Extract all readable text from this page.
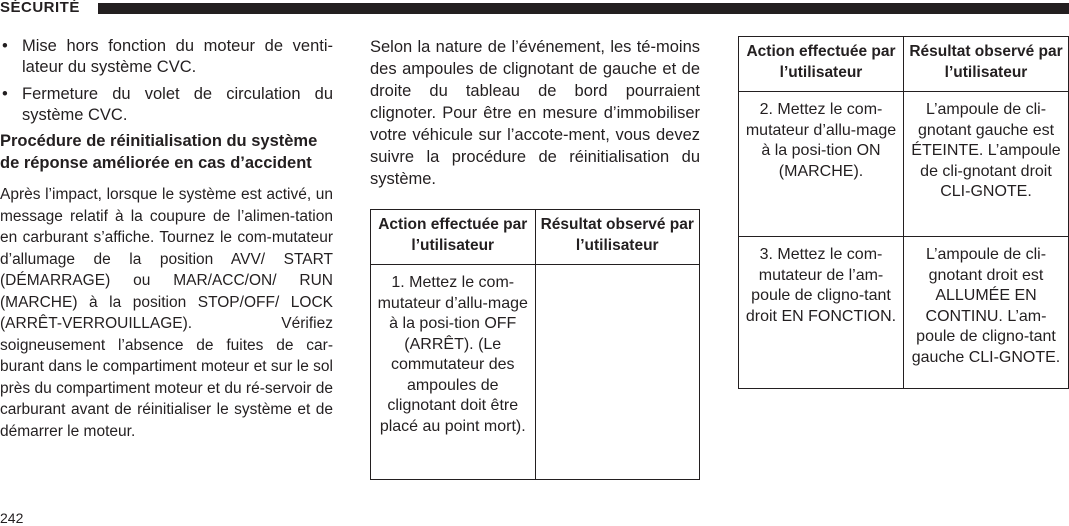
SÉCURITÉ
• Mise hors fonction du moteur de venti-lateur du système CVC.
• Fermeture du volet de circulation du système CVC.
Procédure de réinitialisation du système de réponse améliorée en cas d’accident
Après l’impact, lorsque le système est activé, un message relatif à la coupure de l’alimen-tation en carburant s’affiche. Tournez le com-mutateur d’allumage de la position AVV/ START (DÉMARRAGE) ou MAR/ACC/ON/ RUN (MARCHE) à la position STOP/OFF/ LOCK (ARRÊT-VERROUILLAGE). Vérifiez soigneusement l’absence de fuites de car-burant dans le compartiment moteur et sur le sol près du compartiment moteur et du ré-servoir de carburant avant de réinitialiser le système et de démarrer le moteur.
Selon la nature de l’événement, les té-moins des ampoules de clignotant de gauche et de droite du tableau de bord pourraient clignoter. Pour être en mesure d’immobiliser votre véhicule sur l’accote-ment, vous devez suivre la procédure de réinitialisation du système.
Action effectuée par l’utilisateur	Résultat observé par l’utilisateur
1. Mettez le com-mutateur d’allu-mage à la posi-tion OFF (ARRÊT). (Le commutateur des ampoules de clignotant doit être placé au point mort).	
Action effectuée par l’utilisateur	Résultat observé par l’utilisateur
2. Mettez le com-mutateur d’allu-mage à la posi-tion ON (MARCHE).	L’ampoule de cli-gnotant gauche est ÉTEINTE. L’ampoule de cli-gnotant droit CLI-GNOTE.
3. Mettez le com-mutateur de l’am-poule de cligno-tant droit EN FONCTION.	L’ampoule de cli-gnotant droit est ALLUMÉE EN CONTINU. L’am-poule de cligno-tant gauche CLI-GNOTE.
242
